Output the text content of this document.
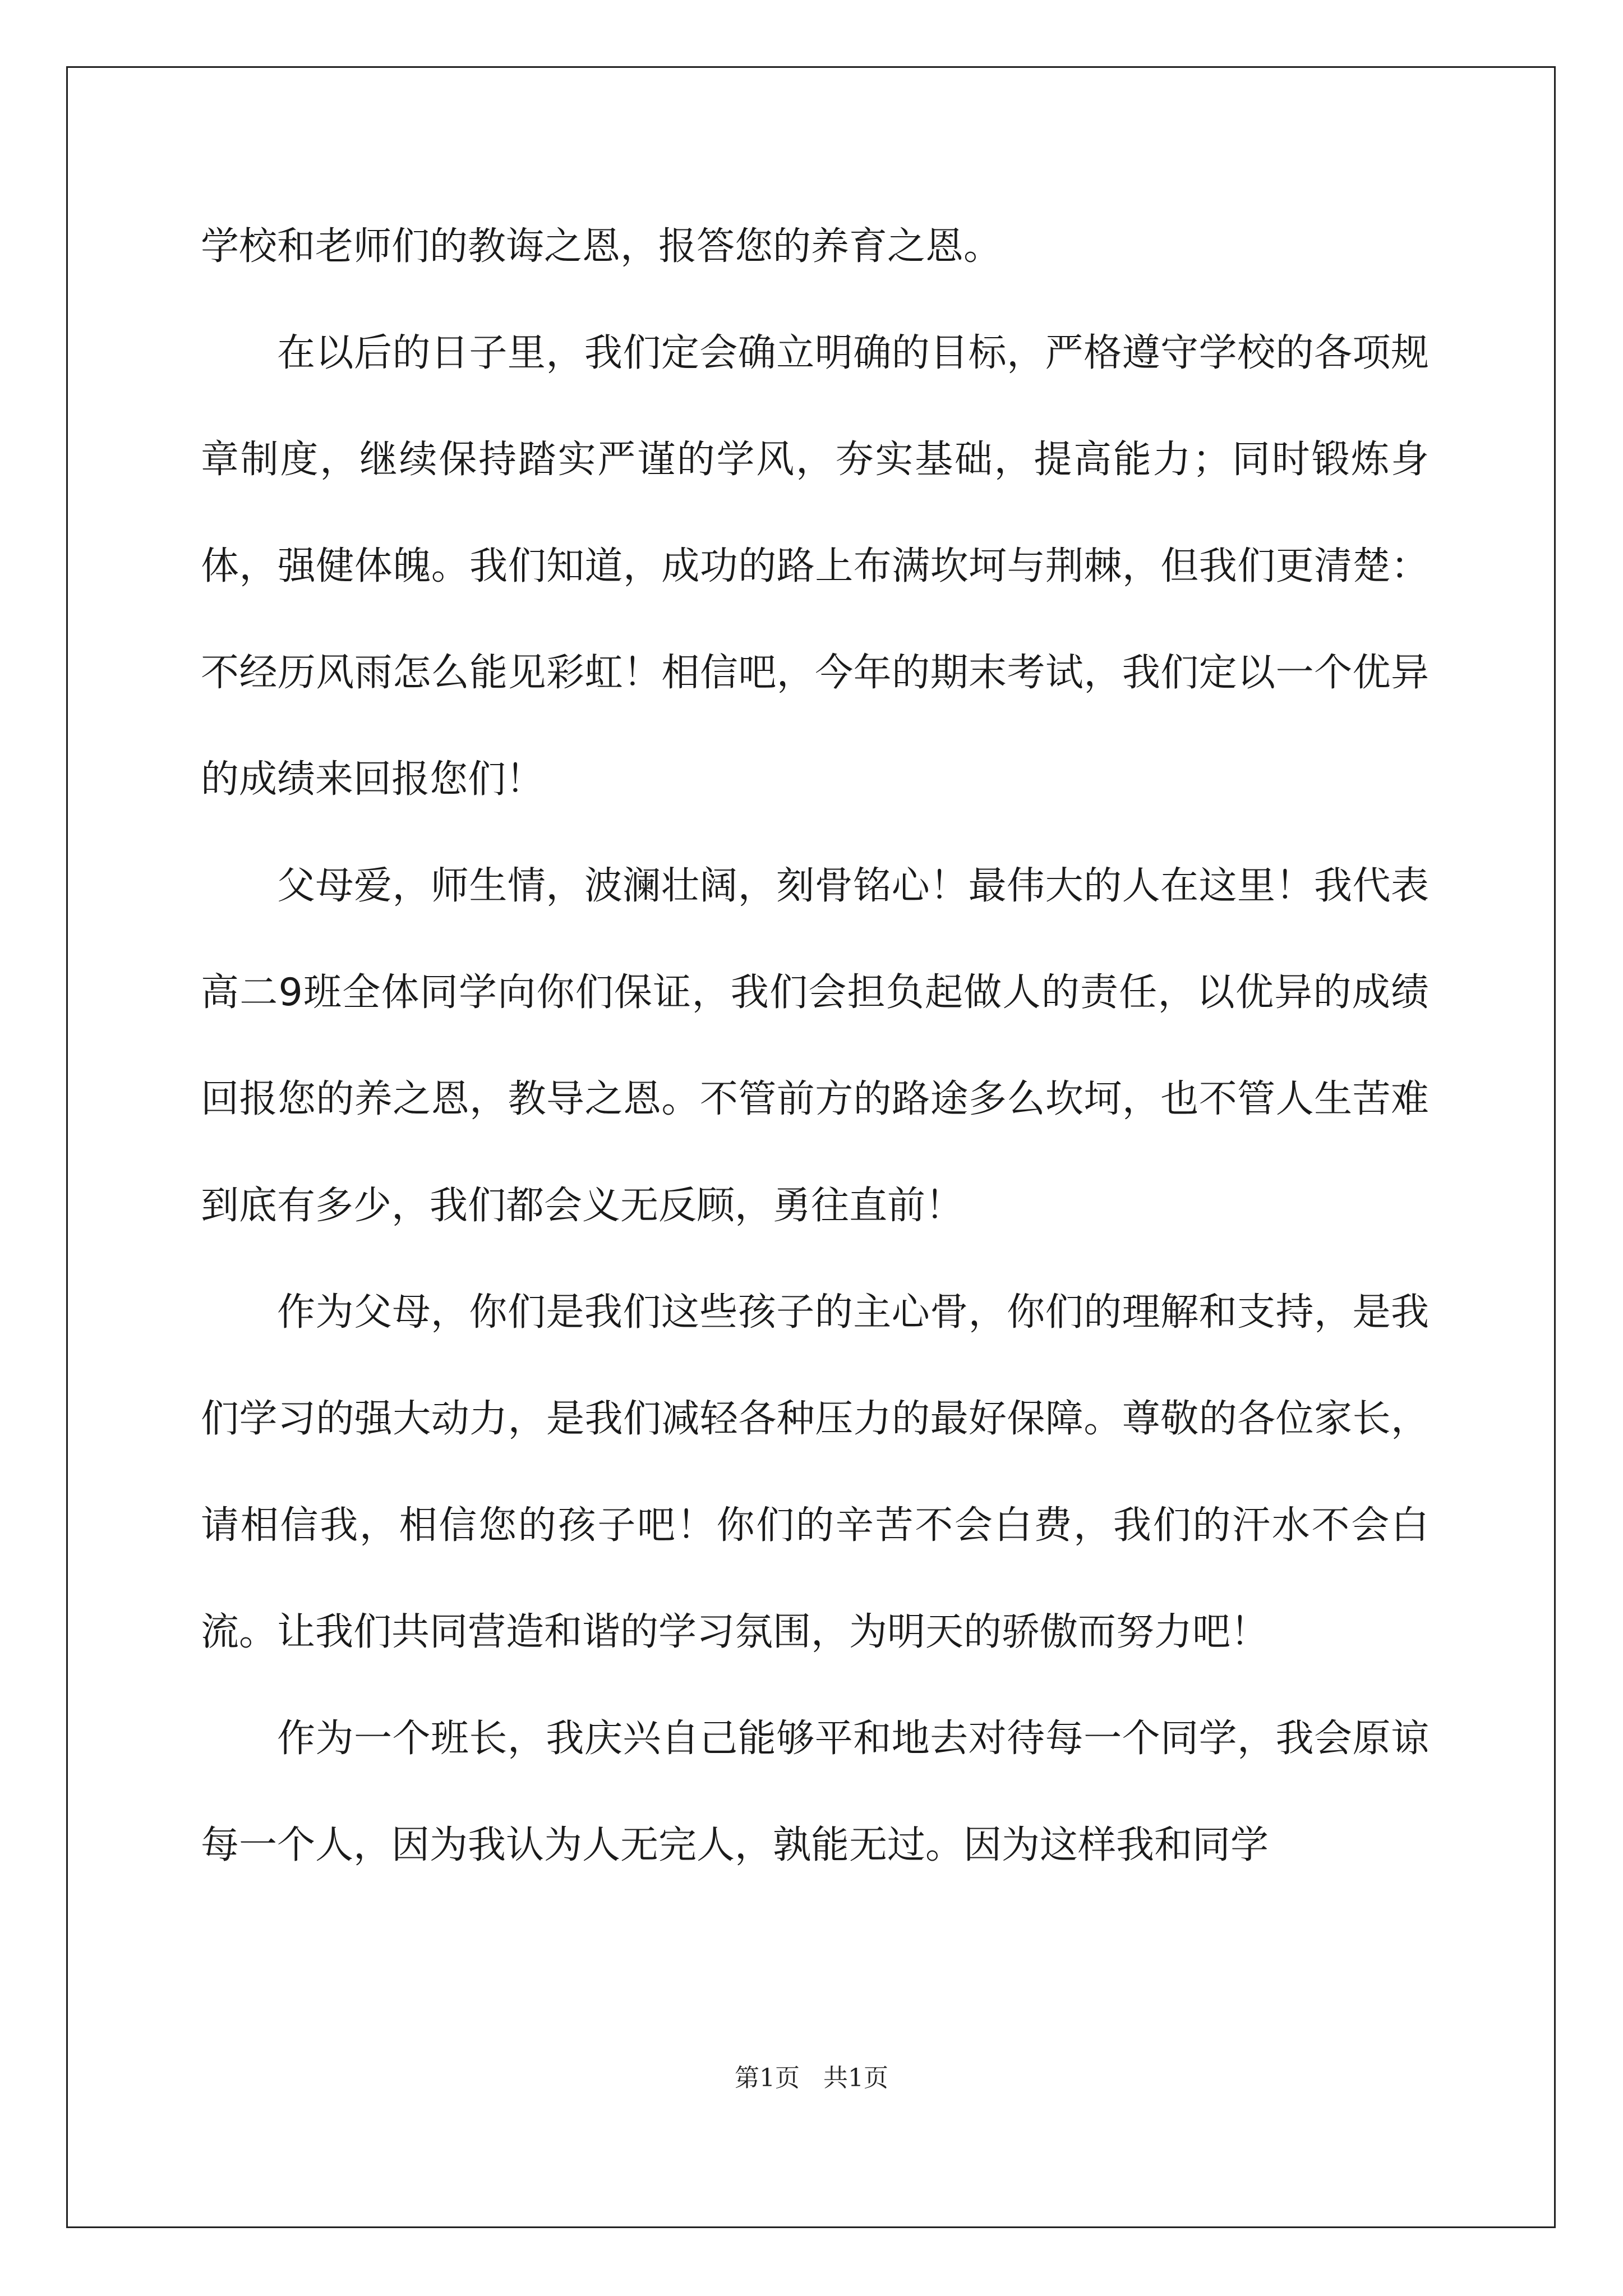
学校和老师们的教诲之恩，报答您的养育之恩。

在以后的日子里，我们定会确立明确的目标，严格遵守学校的各项规章制度，继续保持踏实严谨的学风，夯实基础，提高能力；同时锻炼身体，强健体魄。我们知道，成功的路上布满坎坷与荆棘，但我们更清楚：不经历风雨怎么能见彩虹！相信吧，今年的期末考试，我们定以一个优异的成绩来回报您们！

父母爱，师生情，波澜壮阔，刻骨铭心！最伟大的人在这里！我代表高二9班全体同学向你们保证，我们会担负起做人的责任，以优异的成绩回报您的养之恩，教导之恩。不管前方的路途多么坎坷，也不管人生苦难到底有多少，我们都会义无反顾，勇往直前！

作为父母，你们是我们这些孩子的主心骨，你们的理解和支持，是我们学习的强大动力，是我们减轻各种压力的最好保障。尊敬的各位家长，请相信我，相信您的孩子吧！你们的辛苦不会白费，我们的汗水不会白流。让我们共同营造和谐的学习氛围，为明天的骄傲而努力吧！

作为一个班长，我庆兴自己能够平和地去对待每一个同学，我会原谅每一个人，因为我认为人无完人，孰能无过。因为这样我和同学

第1页   共1页
